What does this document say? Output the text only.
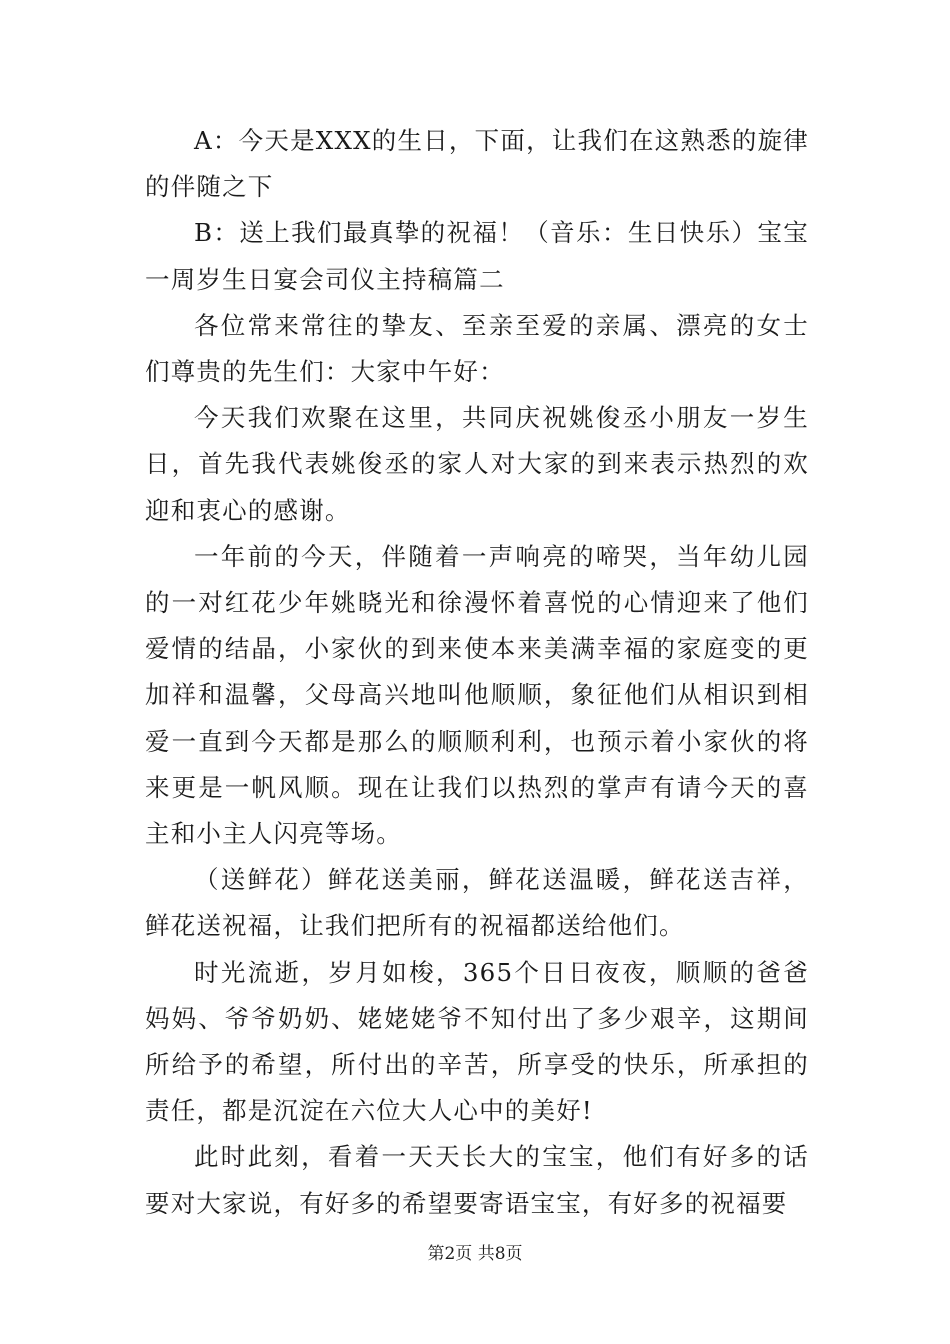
A：今天是XXX的生日，下面，让我们在这熟悉的旋律的伴随之下

B：送上我们最真挚的祝福！（音乐：生日快乐）宝宝一周岁生日宴会司仪主持稿篇二

各位常来常往的挚友、至亲至爱的亲属、漂亮的女士们尊贵的先生们：大家中午好：

今天我们欢聚在这里，共同庆祝姚俊丞小朋友一岁生日，首先我代表姚俊丞的家人对大家的到来表示热烈的欢迎和衷心的感谢。

一年前的今天，伴随着一声响亮的啼哭，当年幼儿园的一对红花少年姚晓光和徐漫怀着喜悦的心情迎来了他们爱情的结晶，小家伙的到来使本来美满幸福的家庭变的更加祥和温馨，父母高兴地叫他顺顺，象征他们从相识到相爱一直到今天都是那么的顺顺利利，也预示着小家伙的将来更是一帆风顺。现在让我们以热烈的掌声有请今天的喜主和小主人闪亮等场。

（送鲜花）鲜花送美丽，鲜花送温暖，鲜花送吉祥，鲜花送祝福，让我们把所有的祝福都送给他们。

时光流逝，岁月如梭，365个日日夜夜，顺顺的爸爸妈妈、爷爷奶奶、姥姥姥爷不知付出了多少艰辛，这期间所给予的希望，所付出的辛苦，所享受的快乐，所承担的责任，都是沉淀在六位大人心中的美好!

此时此刻，看着一天天长大的宝宝，他们有好多的话要对大家说，有好多的希望要寄语宝宝，有好多的祝福要

第2页 共8页
